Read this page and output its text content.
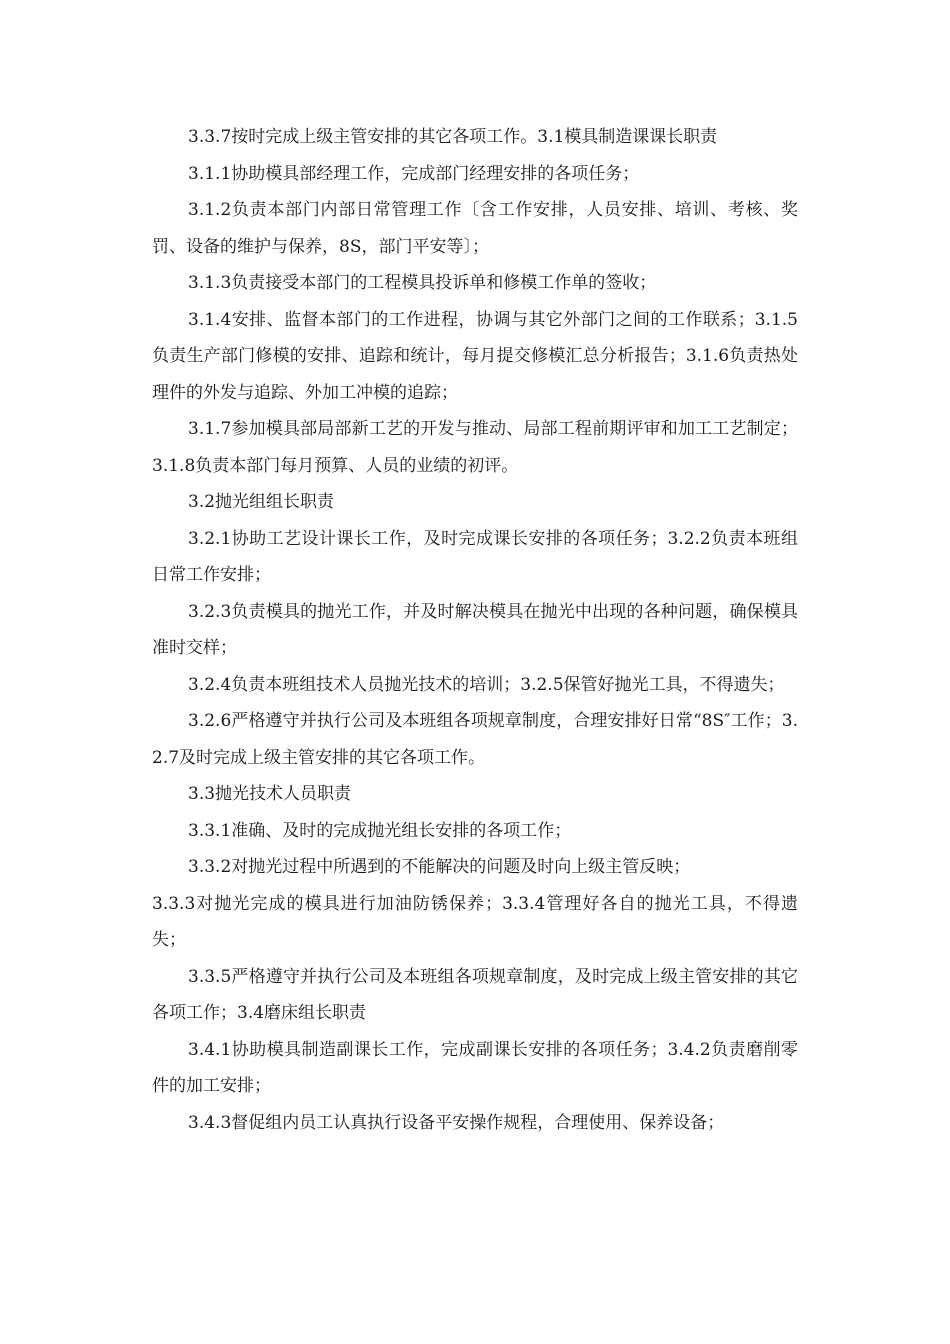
3.3.7按时完成上级主管安排的其它各项工作。3.1模具制造课课长职责

3.1.1协助模具部经理工作，完成部门经理安排的各项任务；

3.1.2负责本部门内部日常管理工作〔含工作安排，人员安排、培训、考核、奖罚、设备的维护与保养，8S，部门平安等〕；

3.1.3负责接受本部门的工程模具投诉单和修模工作单的签收；

3.1.4安排、监督本部门的工作进程，协调与其它外部门之间的工作联系；3.1.5负责生产部门修模的安排、追踪和统计，每月提交修模汇总分析报告；3.1.6负责热处理件的外发与追踪、外加工冲模的追踪；

3.1.7参加模具部局部新工艺的开发与推动、局部工程前期评审和加工工艺制定；3.1.8负责本部门每月预算、人员的业绩的初评。

3.2抛光组组长职责

3.2.1协助工艺设计课长工作，及时完成课长安排的各项任务；3.2.2负责本班组日常工作安排；

3.2.3负责模具的抛光工作，并及时解决模具在抛光中出现的各种问题，确保模具准时交样；

3.2.4负责本班组技术人员抛光技术的培训；3.2.5保管好抛光工具，不得遗失；

3.2.6严格遵守并执行公司及本班组各项规章制度，合理安排好日常“8S″工作；3.2.7及时完成上级主管安排的其它各项工作。

3.3抛光技术人员职责

3.3.1准确、及时的完成抛光组长安排的各项工作；

3.3.2对抛光过程中所遇到的不能解决的问题及时向上级主管反映；

3.3.3对抛光完成的模具进行加油防锈保养；3.3.4管理好各自的抛光工具，不得遗失；

3.3.5严格遵守并执行公司及本班组各项规章制度，及时完成上级主管安排的其它各项工作；3.4磨床组长职责

3.4.1协助模具制造副课长工作，完成副课长安排的各项任务；3.4.2负责磨削零件的加工安排；

3.4.3督促组内员工认真执行设备平安操作规程，合理使用、保养设备；
